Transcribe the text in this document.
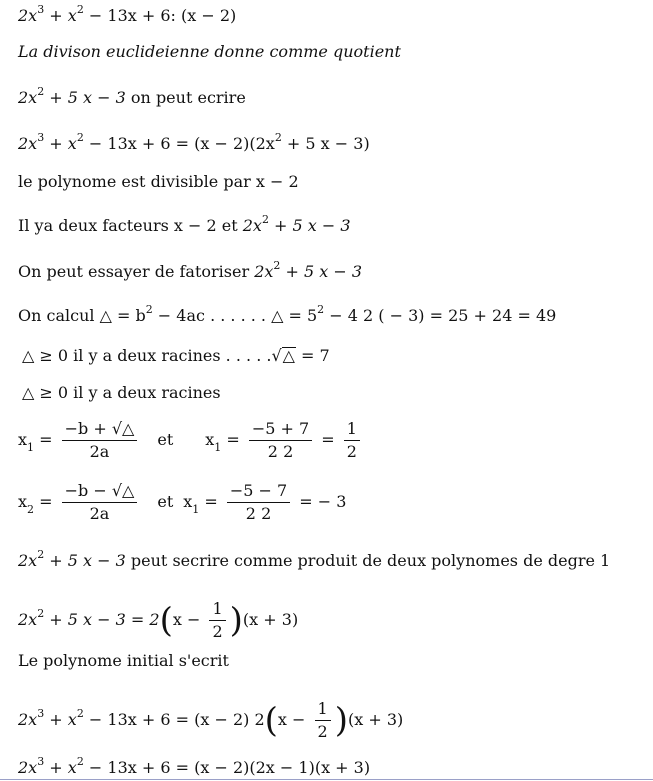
$2x^3 + x^2 - 13x + 6$: (x − 2)
La divison euclideienne donne comme quotient
$2x^2 + 5$ x − 3 on peut ecrire
$2x^3 + x^2 - 13x + 6 = (x - 2)(2x^2 + 5$ x − 3)
le polynome est divisible par x − 2
Il ya deux facteurs x − 2 et $2x^2 + 5$ x − 3
On peut essayer de fatoriser $2x^2 + 5$ x − 3
On calcul △ = $b^2 - 4ac$ . . . . . . △ = $5^2 - 4$ 2 ( − 3) = 25 + 24 = 49
△ ≥ 0 il y a deux racines . . . . .√△ = 7
△ ≥ 0 il y a deux racines
$x_1 = \frac{-b + √\triangle}{2a}$ et $x_1 = \frac{-5 + 7}{2 2} = \frac{1}{2}$
$x_2 = \frac{-b - √\triangle}{2a}$ et $x_1 = \frac{-5 - 7}{2 2}$ = − 3
$2x^2 + 5$ x − 3 peut secrire comme produit de deux polynomes de degre 1
$2x^2 + 5$ $x - 3 = 2(x - \frac{1}{2} )(x + 3)$
Le polynome initial s'ecrit
$2x^3 + x^2 - 13x + 6 = (x - 2) 2(x - \frac{1}{2} )(x + 3)$
$2x^3 + x^2 - 13x + 6 = (x - 2)(2x - 1)(x + 3)$
